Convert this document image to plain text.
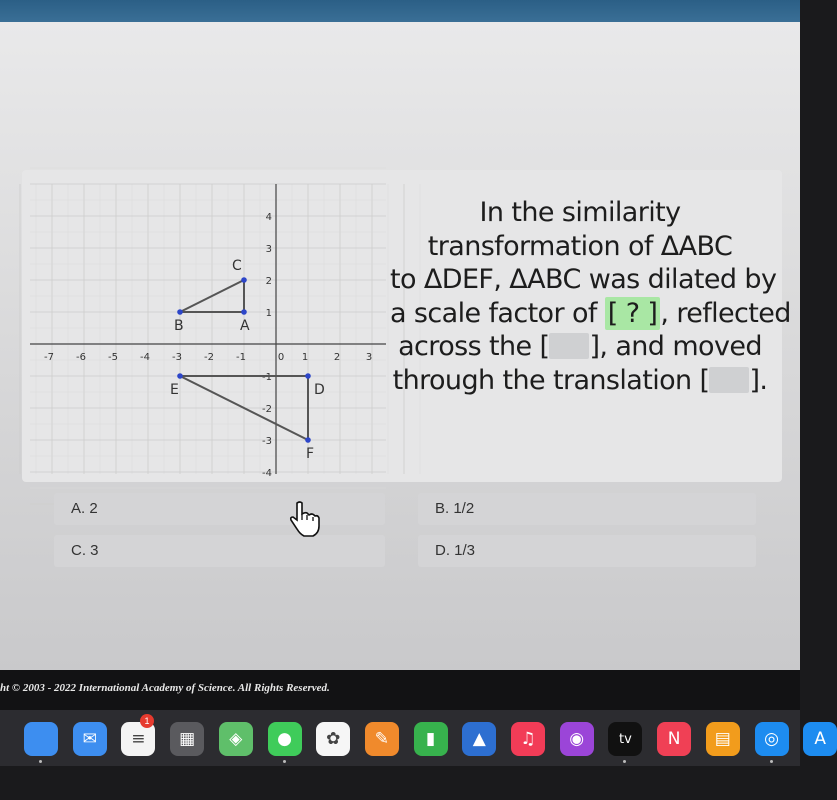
-7 -6 -5 -4 -3 -2 -1	0 1	2	3
4
3
2
1
-1
-2
-3
-4
A
B
C
D
E
F
In the similarity
transformation of ΔABC
to ΔDEF, ΔABC was dilated by
a scale factor of [ ? ] , reflected
across the [ ], and moved
through the translation [ ].
A. 2	B. 1/2
C. 3	D. 1/3
ht © 2003 - 2022 International Academy of Science. All Rights Reserved.
✉	≡	▦	◈	●	✿	✎	▮	▲	♫	◉	tv	N	▤	◎	A
1
